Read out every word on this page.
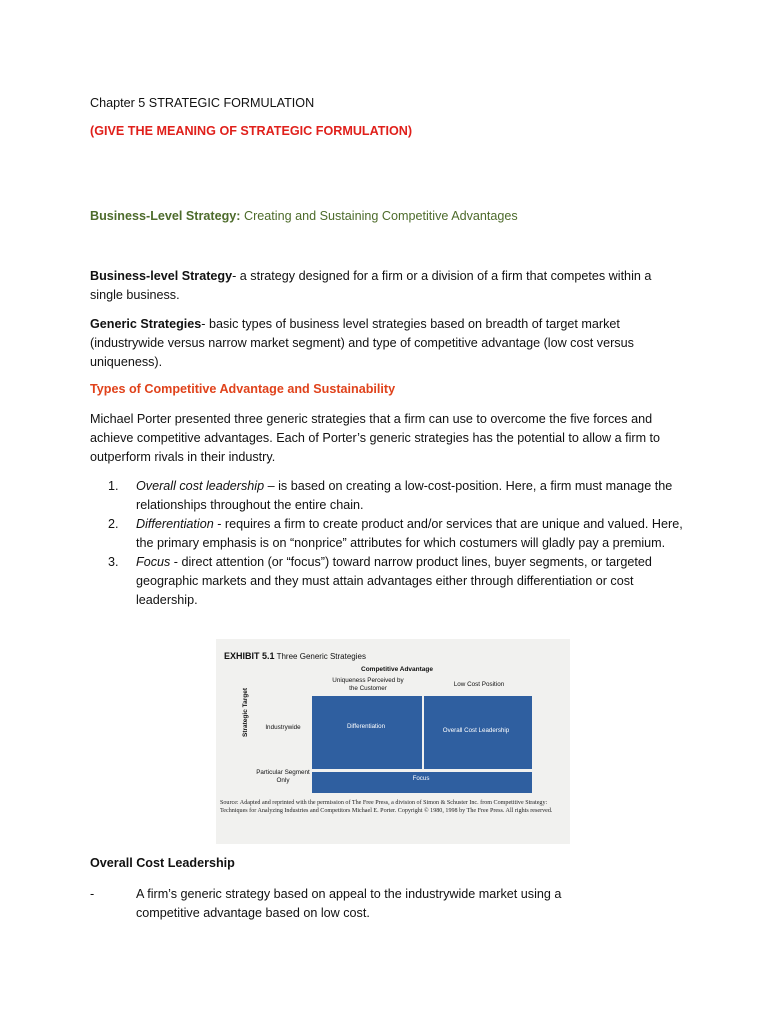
Chapter 5 STRATEGIC FORMULATION
(GIVE THE MEANING OF STRATEGIC FORMULATION)
Business-Level Strategy: Creating and Sustaining Competitive Advantages
Business-level Strategy- a strategy designed for a firm or a division of a firm that competes within a single business.
Generic Strategies- basic types of business level strategies based on breadth of target market (industrywide versus narrow market segment) and type of competitive advantage (low cost versus uniqueness).
Types of Competitive Advantage and Sustainability
Michael Porter presented three generic strategies that a firm can use to overcome the five forces and achieve competitive advantages. Each of Porter’s generic strategies has the potential to allow a firm to outperform rivals in their industry.
1.	Overall cost leadership – is based on creating a low-cost-position. Here, a firm must manage the relationships throughout the entire chain.
2.	Differentiation - requires a firm to create product and/or services that are unique and valued. Here, the primary emphasis is on “nonprice” attributes for which costumers will gladly pay a premium.
3.	Focus - direct attention (or “focus”) toward narrow product lines, buyer segments, or targeted geographic markets and they must attain advantages either through differentiation or cost leadership.
EXHIBIT 5.1 Three Generic Strategies
Competitive Advantage
Uniqueness Perceived by the Customer
Low Cost Position
Strategic Target	Industrywide
Particular Segment Only
Differentiation
Overall Cost Leadership
Focus
Source: Adapted and reprinted with the permission of The Free Press, a division of Simon & Schuster Inc. from Competitive Strategy: Techniques for Analyzing Industries and Competitors Michael E. Porter. Copyright © 1980, 1998 by The Free Press. All rights reserved.
Overall Cost Leadership
-	A firm’s generic strategy based on appeal to the industrywide market using a competitive advantage based on low cost.
